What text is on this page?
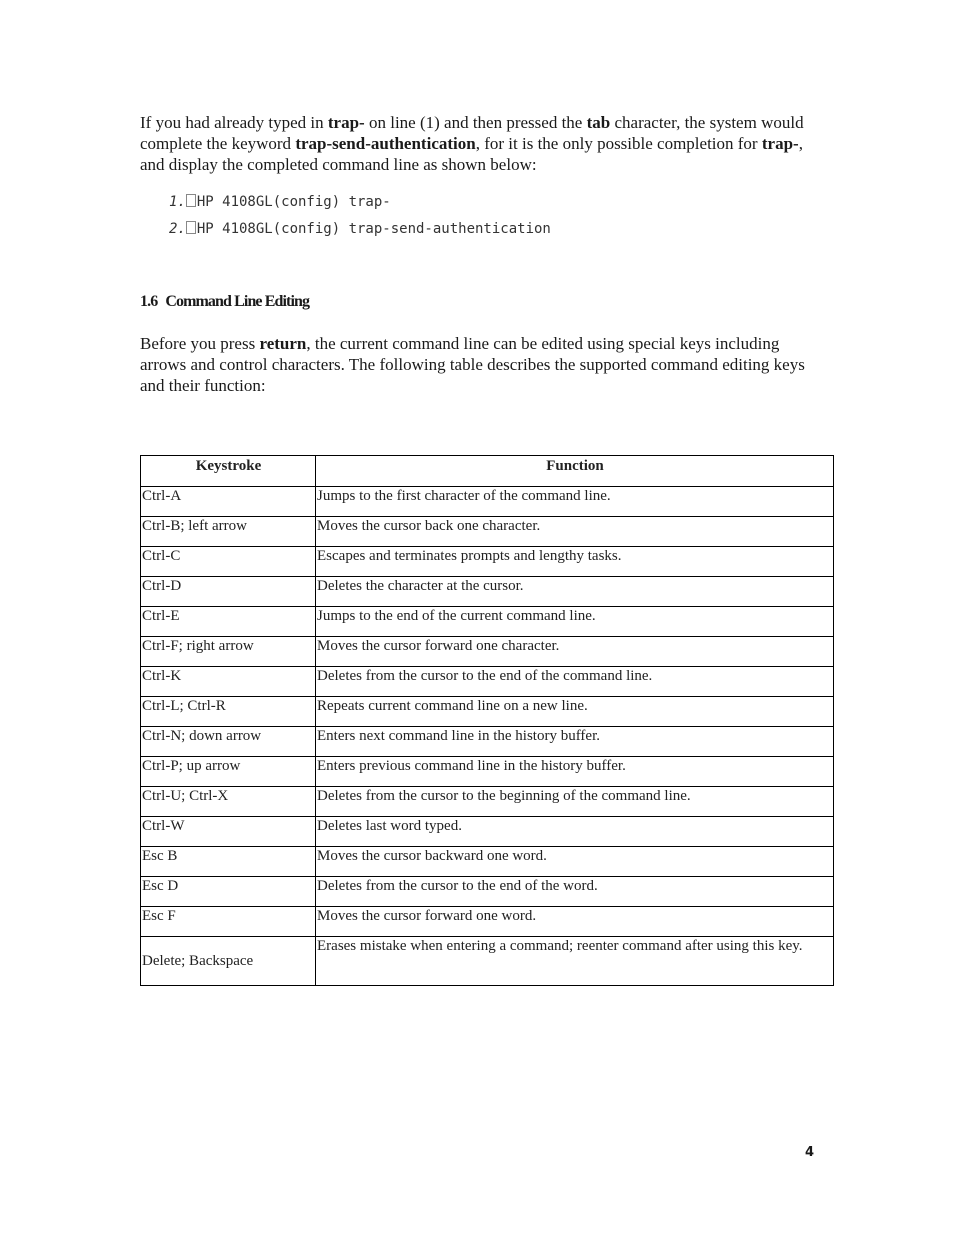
If you had already typed in trap- on line (1) and then pressed the tab character, the system would complete the keyword trap-send-authentication, for it is the only possible completion for trap-, and display the completed command line as shown below:

1. HP 4108GL(config) trap-
2. HP 4108GL(config) trap-send-authentication
1.6 Command Line Editing

Before you press return, the current command line can be edited using special keys including arrows and control characters. The following table describes the supported command editing keys and their function:

Keystroke	Function
Ctrl-A	Jumps to the first character of the command line.
Ctrl-B; left arrow	Moves the cursor back one character.
Ctrl-C	Escapes and terminates prompts and lengthy tasks.
Ctrl-D	Deletes the character at the cursor.
Ctrl-E	Jumps to the end of the current command line.
Ctrl-F; right arrow	Moves the cursor forward one character.
Ctrl-K	Deletes from the cursor to the end of the command line.
Ctrl-L; Ctrl-R	Repeats current command line on a new line.
Ctrl-N; down arrow	Enters next command line in the history buffer.
Ctrl-P; up arrow	Enters previous command line in the history buffer.
Ctrl-U; Ctrl-X	Deletes from the cursor to the beginning of the command line.
Ctrl-W	Deletes last word typed.
Esc B	Moves the cursor backward one word.
Esc D	Deletes from the cursor to the end of the word.
Esc F	Moves the cursor forward one word.
Delete; Backspace	Erases mistake when entering a command; reenter command after using this key.
4
